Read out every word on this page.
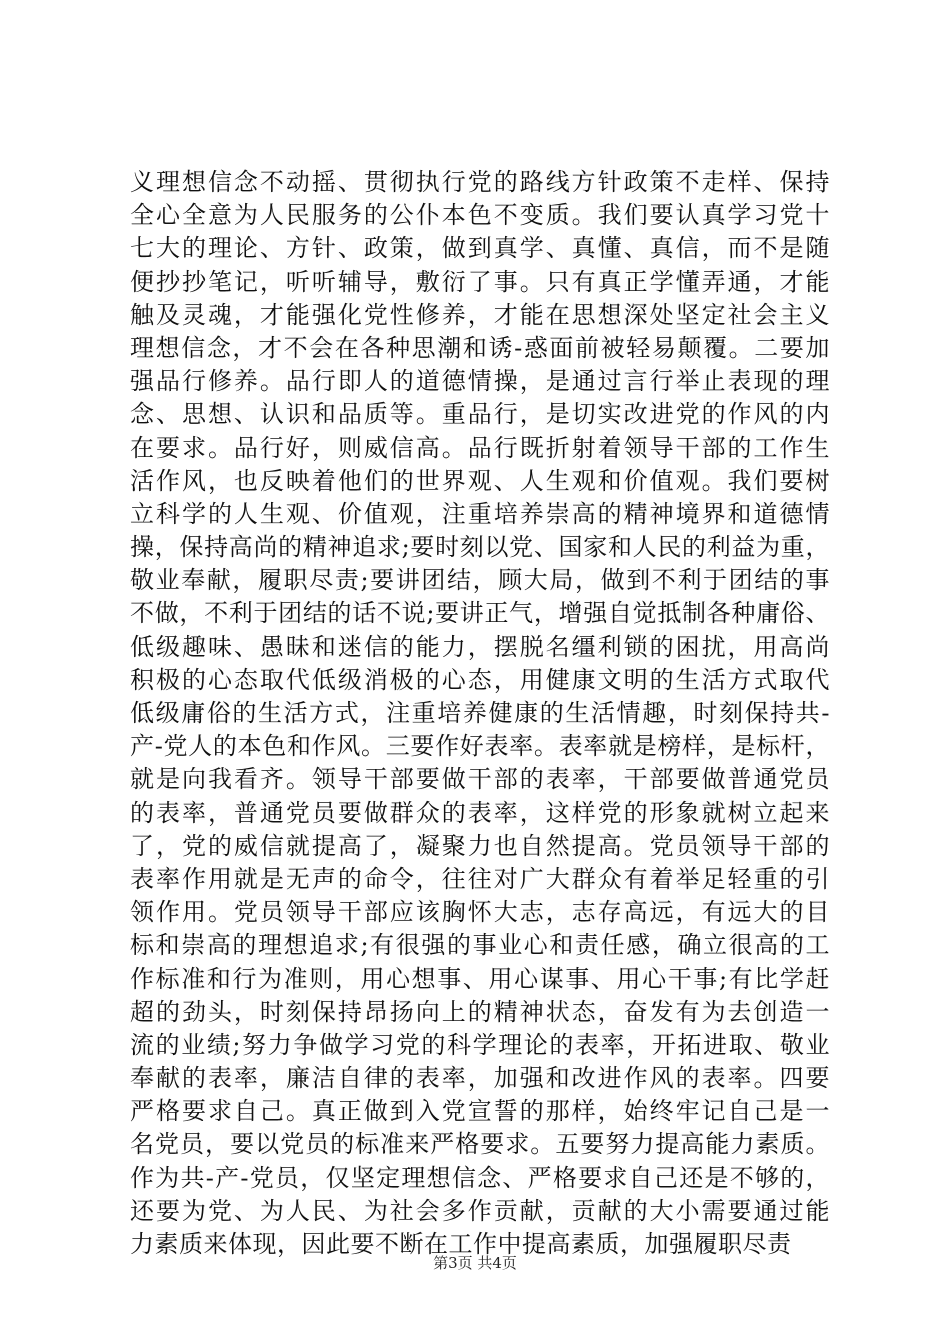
义理想信念不动摇、贯彻执行党的路线方针政策不走样、保持
全心全意为人民服务的公仆本色不变质。我们要认真学习党十
七大的理论、方针、政策，做到真学、真懂、真信，而不是随
便抄抄笔记，听听辅导，敷衍了事。只有真正学懂弄通，才能
触及灵魂，才能强化党性修养，才能在思想深处坚定社会主义
理想信念，才不会在各种思潮和诱-惑面前被轻易颠覆。二要加
强品行修养。品行即人的道德情操，是通过言行举止表现的理
念、思想、认识和品质等。重品行，是切实改进党的作风的内
在要求。品行好，则威信高。品行既折射着领导干部的工作生
活作风，也反映着他们的世界观、人生观和价值观。我们要树
立科学的人生观、价值观，注重培养崇高的精神境界和道德情
操，保持高尚的精神追求;要时刻以党、国家和人民的利益为重，
敬业奉献，履职尽责;要讲团结，顾大局，做到不利于团结的事
不做，不利于团结的话不说;要讲正气，增强自觉抵制各种庸俗、
低级趣味、愚昧和迷信的能力，摆脱名缰利锁的困扰，用高尚
积极的心态取代低级消极的心态，用健康文明的生活方式取代
低级庸俗的生活方式，注重培养健康的生活情趣，时刻保持共-
产-党人的本色和作风。三要作好表率。表率就是榜样，是标杆，
就是向我看齐。领导干部要做干部的表率，干部要做普通党员
的表率，普通党员要做群众的表率，这样党的形象就树立起来
了，党的威信就提高了，凝聚力也自然提高。党员领导干部的
表率作用就是无声的命令，往往对广大群众有着举足轻重的引
领作用。党员领导干部应该胸怀大志，志存高远，有远大的目
标和崇高的理想追求;有很强的事业心和责任感，确立很高的工
作标准和行为准则，用心想事、用心谋事、用心干事;有比学赶
超的劲头，时刻保持昂扬向上的精神状态，奋发有为去创造一
流的业绩;努力争做学习党的科学理论的表率，开拓进取、敬业
奉献的表率，廉洁自律的表率，加强和改进作风的表率。四要
严格要求自己。真正做到入党宣誓的那样，始终牢记自己是一
名党员，要以党员的标准来严格要求。五要努力提高能力素质。
作为共-产-党员，仅坚定理想信念、严格要求自己还是不够的，
还要为党、为人民、为社会多作贡献，贡献的大小需要通过能
力素质来体现，因此要不断在工作中提高素质，加强履职尽责
第3页 共4页
